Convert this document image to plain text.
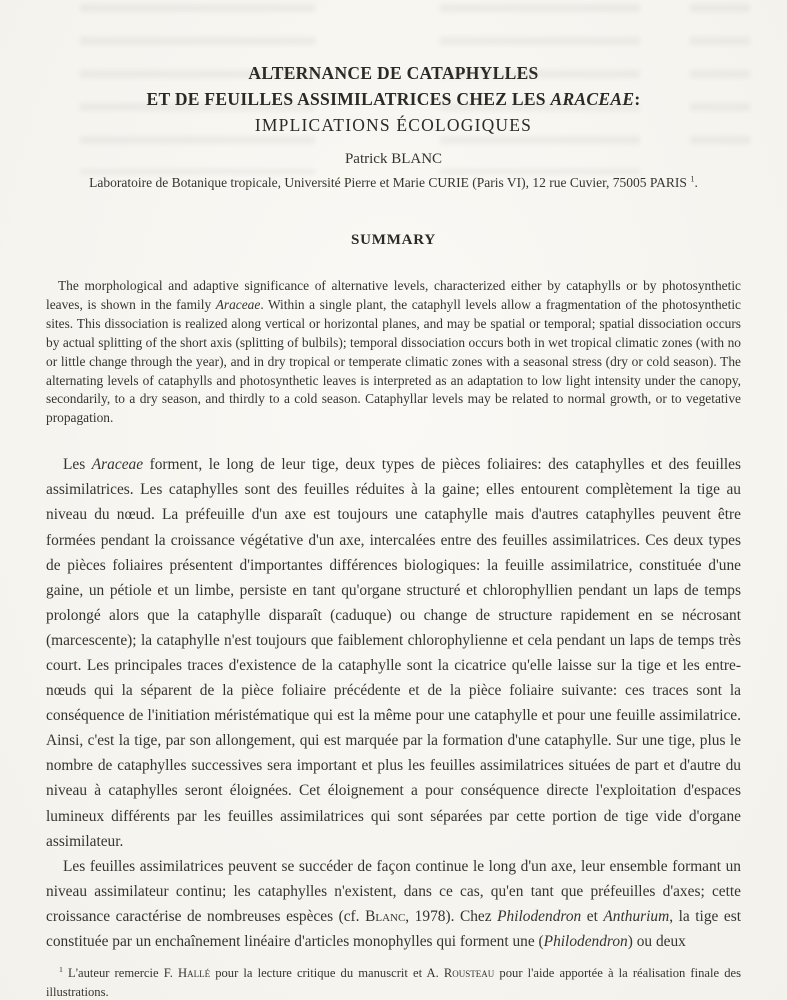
ALTERNANCE DE CATAPHYLLES
ET DE FEUILLES ASSIMILATRICES CHEZ LES ARACEAE:
IMPLICATIONS ÉCOLOGIQUES
Patrick BLANC
Laboratoire de Botanique tropicale, Université Pierre et Marie CURIE (Paris VI), 12 rue Cuvier, 75005 PARIS $^1$.
SUMMARY

The morphological and adaptive significance of alternative levels, characterized either by cataphylls or by photosynthetic leaves, is shown in the family Araceae. Within a single plant, the cataphyll levels allow a fragmentation of the photosynthetic sites. This dissociation is realized along vertical or horizontal planes, and may be spatial or temporal; spatial dissociation occurs by actual splitting of the short axis (splitting of bulbils); temporal dissociation occurs both in wet tropical climatic zones (with no or little change through the year), and in dry tropical or temperate climatic zones with a seasonal stress (dry or cold season). The alternating levels of cataphylls and photosynthetic leaves is interpreted as an adaptation to low light intensity under the canopy, secondarily, to a dry season, and thirdly to a cold season. Cataphyllar levels may be related to normal growth, or to vegetative propagation.

Les Araceae forment, le long de leur tige, deux types de pièces foliaires: des cataphylles et des feuilles assimilatrices. Les cataphylles sont des feuilles réduites à la gaine; elles entourent complètement la tige au niveau du nœud. La préfeuille d'un axe est toujours une cataphylle mais d'autres cataphylles peuvent être formées pendant la croissance végétative d'un axe, intercalées entre des feuilles assimilatrices. Ces deux types de pièces foliaires présentent d'importantes différences biologiques: la feuille assimilatrice, constituée d'une gaine, un pétiole et un limbe, persiste en tant qu'organe structuré et chlorophyllien pendant un laps de temps prolongé alors que la cataphylle disparaît (caduque) ou change de structure rapidement en se nécrosant (marcescente); la cataphylle n'est toujours que faiblement chlorophylienne et cela pendant un laps de temps très court. Les principales traces d'existence de la cataphylle sont la cicatrice qu'elle laisse sur la tige et les entre-nœuds qui la séparent de la pièce foliaire précédente et de la pièce foliaire suivante: ces traces sont la conséquence de l'initiation méristématique qui est la même pour une cataphylle et pour une feuille assimilatrice. Ainsi, c'est la tige, par son allongement, qui est marquée par la formation d'une cataphylle. Sur une tige, plus le nombre de cataphylles successives sera important et plus les feuilles assimilatrices situées de part et d'autre du niveau à cataphylles seront éloignées. Cet éloignement a pour conséquence directe l'exploitation d'espaces lumineux différents par les feuilles assimilatrices qui sont séparées par cette portion de tige vide d'organe assimilateur.

Les feuilles assimilatrices peuvent se succéder de façon continue le long d'un axe, leur ensemble formant un niveau assimilateur continu; les cataphylles n'existent, dans ce cas, qu'en tant que préfeuilles d'axes; cette croissance caractérise de nombreuses espèces (cf. Blanc, 1978). Chez Philodendron et Anthurium, la tige est constituée par un enchaînement linéaire d'articles monophylles qui forment une (Philodendron) ou deux

$^1$ L'auteur remercie F. Hallé pour la lecture critique du manuscrit et A. Rousteau pour l'aide apportée à la réalisation finale des illustrations.
